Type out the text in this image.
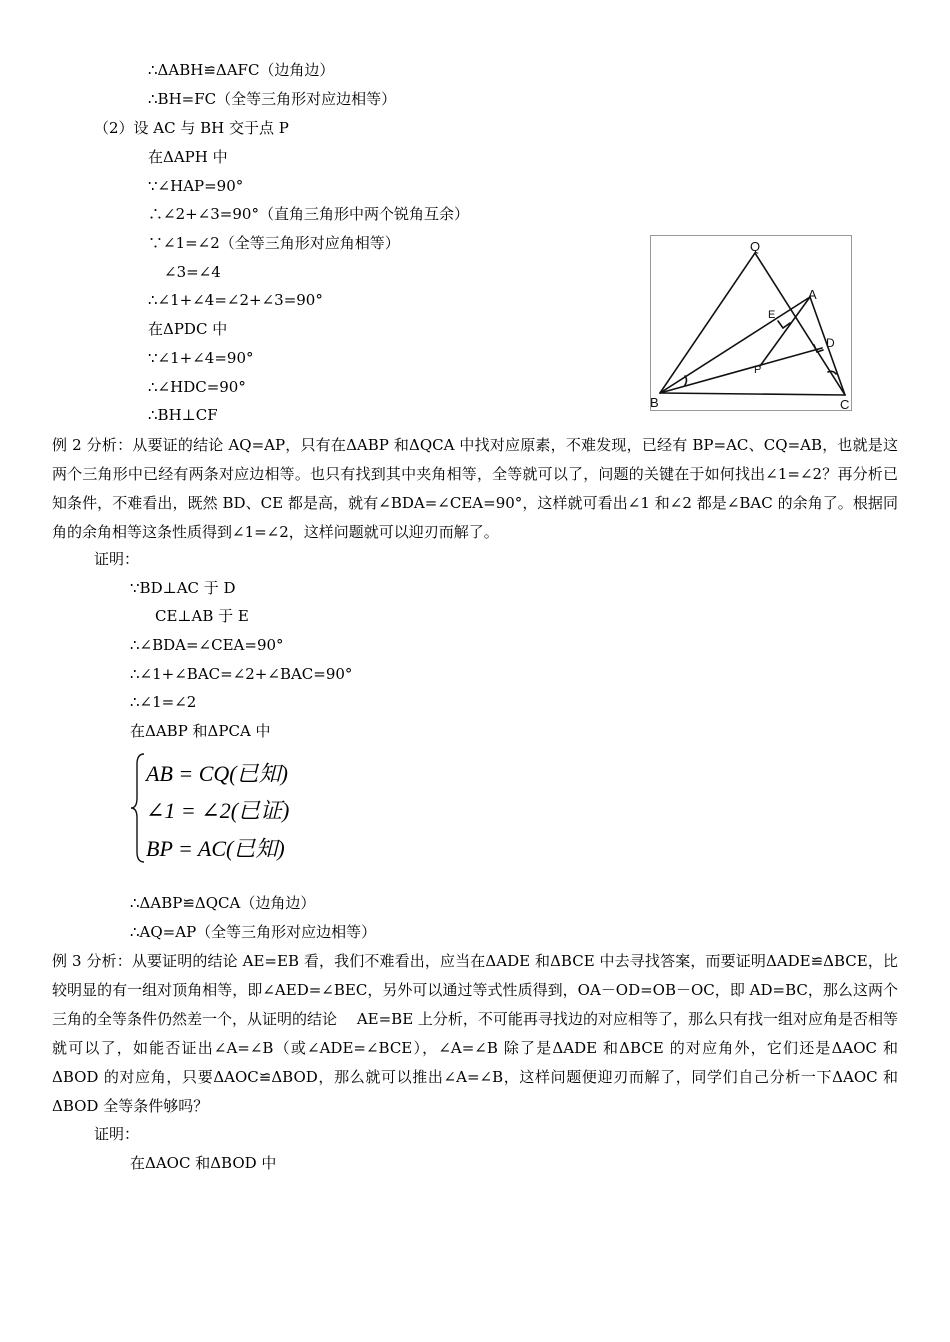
∴ΔABH≌ΔAFC（边角边）
∴BH=FC（全等三角形对应边相等）
（2）设 AC 与 BH 交于点 P
在ΔAPH 中
∵∠HAP=90°
∴∠2+∠3=90°（直角三角形中两个锐角互余）
∵∠1=∠2（全等三角形对应角相等）
∠3=∠4
∴∠1+∠4=∠2+∠3=90°
在ΔPDC 中
∵∠1+∠4=90°
∴∠HDC=90°
∴BH⊥CF
Q
A
E
D
P
B	C
例 2 分析：从要证的结论 AQ=AP，只有在ΔABP 和ΔQCA 中找对应原素，不难发现，已经有 BP=AC、CQ=AB，也就是这两个三角形中已经有两条对应边相等。也只有找到其中夹角相等，全等就可以了，问题的关键在于如何找出∠1=∠2？再分析已知条件，不难看出，既然 BD、CE 都是高，就有∠BDA=∠CEA=90°，这样就可看出∠1 和∠2 都是∠BAC 的余角了。根据同角的余角相等这条性质得到∠1=∠2，这样问题就可以迎刃而解了。
证明：
∵BD⊥AC 于 D
CE⊥AB 于 E
∴∠BDA=∠CEA=90°
∴∠1+∠BAC=∠2+∠BAC=90°
∴∠1=∠2
在ΔABP 和ΔPCA 中
AB = CQ(已知)
∠1 = ∠2(已证)
BP = AC(已知)
∴ΔABP≌ΔQCA（边角边）
∴AQ=AP（全等三角形对应边相等）
例 3 分析：从要证明的结论 AE=EB 看，我们不难看出，应当在ΔADE 和ΔBCE 中去寻找答案，而要证明ΔADE≌ΔBCE，比较明显的有一组对顶角相等，即∠AED=∠BEC，另外可以通过等式性质得到，OA－OD=OB－OC，即 AD=BC，那么这两个三角的全等条件仍然差一个，从证明的结论　 AE=BE 上分析，不可能再寻找边的对应相等了，那么只有找一组对应角是否相等就可以了，如能否证出∠A=∠B（或∠ADE=∠BCE），∠A=∠B 除了是ΔADE 和ΔBCE 的对应角外，它们还是ΔAOC 和ΔBOD 的对应角，只要ΔAOC≌ΔBOD，那么就可以推出∠A=∠B，这样问题便迎刃而解了，同学们自己分析一下ΔAOC 和ΔBOD 全等条件够吗？
证明：
在ΔAOC 和ΔBOD 中
